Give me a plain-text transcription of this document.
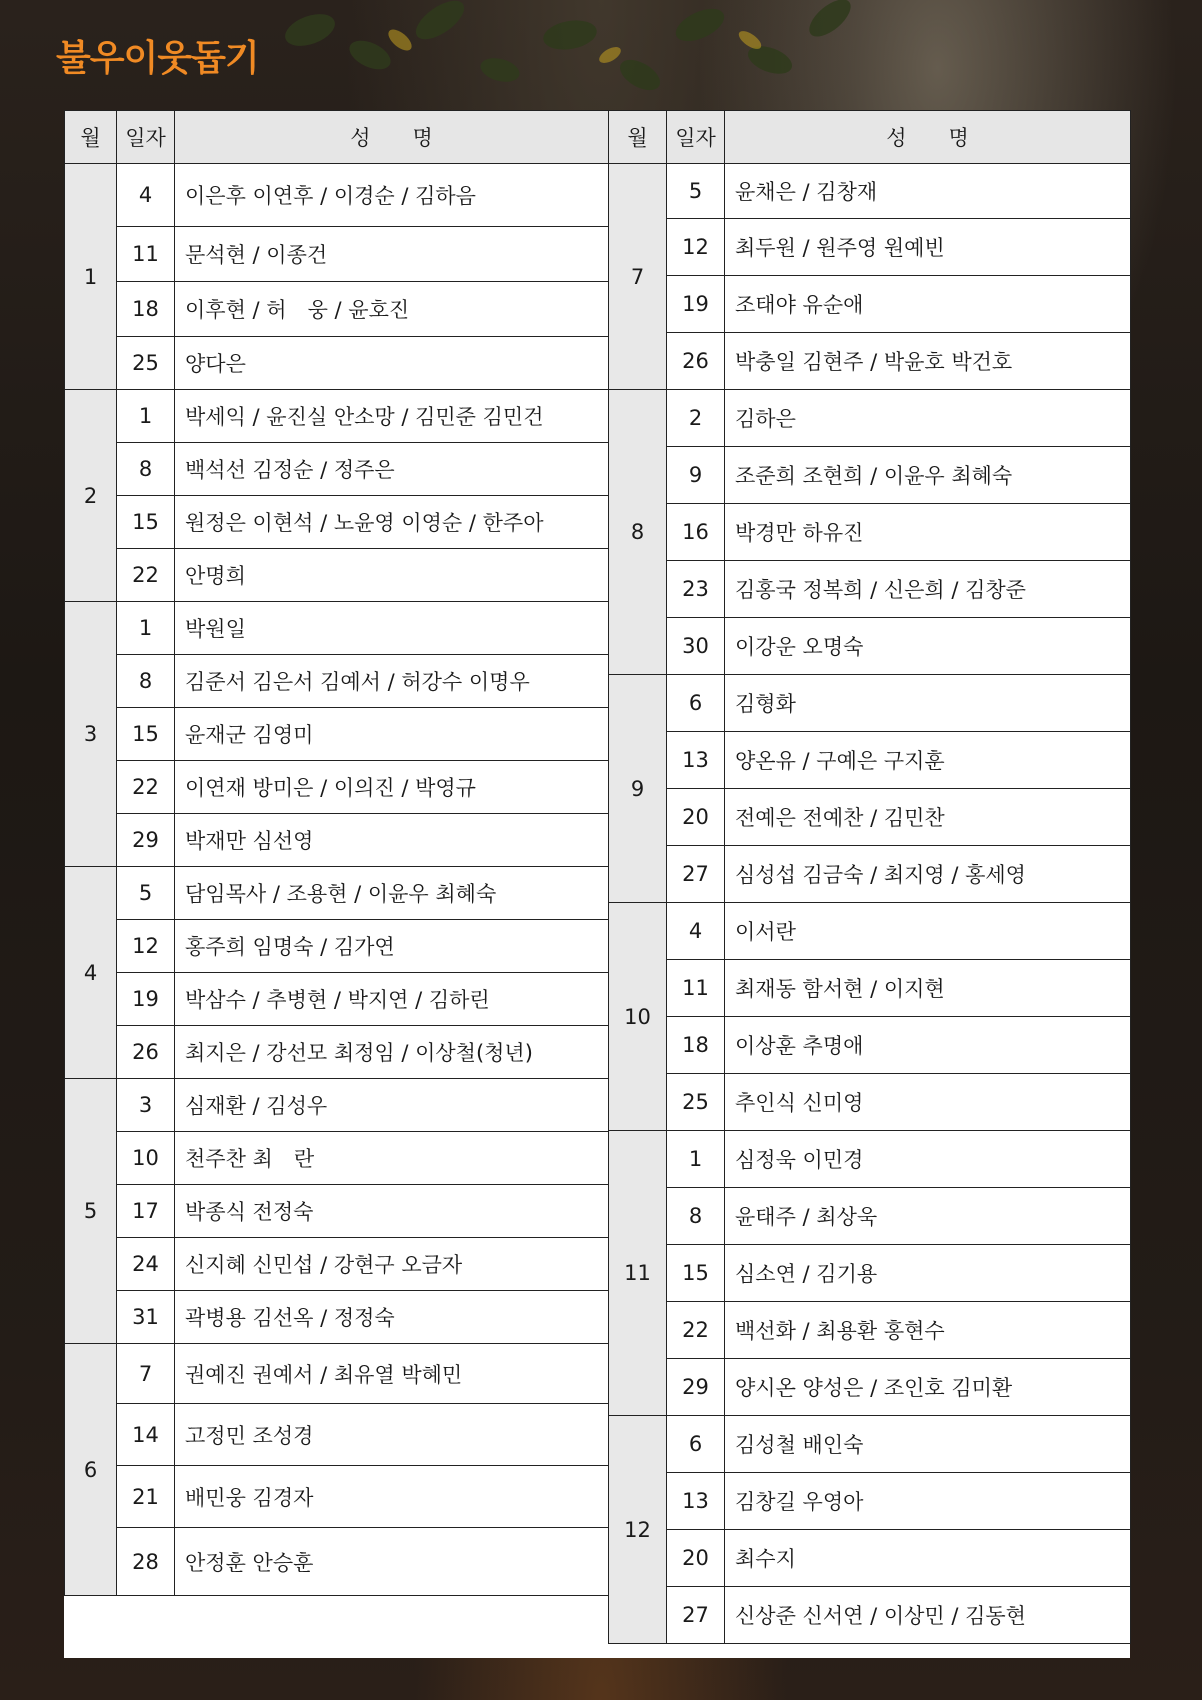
불우이웃돕기
월	일자	성　　명
1	4	이은후 이연후 / 이경순 / 김하음
	11	문석현 / 이종건
	18	이후현 / 허　웅 / 윤호진
	25	양다은
2	1	박세익 / 윤진실 안소망 / 김민준 김민건
	8	백석선 김정순 / 정주은
	15	원정은 이현석 / 노윤영 이영순 / 한주아
	22	안명희
3	1	박원일
	8	김준서 김은서 김예서 / 허강수 이명우
	15	윤재군 김영미
	22	이연재 방미은 / 이의진 / 박영규
	29	박재만 심선영
4	5	담임목사 / 조용현 / 이윤우 최혜숙
	12	홍주희 임명숙 / 김가연
	19	박삼수 / 추병현 / 박지연 / 김하린
	26	최지은 / 강선모 최정임 / 이상철(청년)
5	3	심재환 / 김성우
	10	천주찬 최　란
	17	박종식 전정숙
	24	신지혜 신민섭 / 강현구 오금자
	31	곽병용 김선옥 / 정정숙
6	7	권예진 권예서 / 최유열 박혜민
	14	고정민 조성경
	21	배민웅 김경자
	28	안정훈 안승훈
월	일자	성　　명
7	5	윤채은 / 김창재
	12	최두원 / 원주영 원예빈
	19	조태야 유순애
	26	박충일 김현주 / 박윤호 박건호
8	2	김하은
	9	조준희 조현희 / 이윤우 최혜숙
	16	박경만 하유진
	23	김홍국 정복희 / 신은희 / 김창준
	30	이강운 오명숙
9	6	김형화
	13	양온유 / 구예은 구지훈
	20	전예은 전예찬 / 김민찬
	27	심성섭 김금숙 / 최지영 / 홍세영
10	4	이서란
	11	최재동 함서현 / 이지현
	18	이상훈 추명애
	25	추인식 신미영
11	1	심정욱 이민경
	8	윤태주 / 최상욱
	15	심소연 / 김기용
	22	백선화 / 최용환 홍현수
	29	양시온 양성은 / 조인호 김미환
12	6	김성철 배인숙
	13	김창길 우영아
	20	최수지
	27	신상준 신서연 / 이상민 / 김동현
